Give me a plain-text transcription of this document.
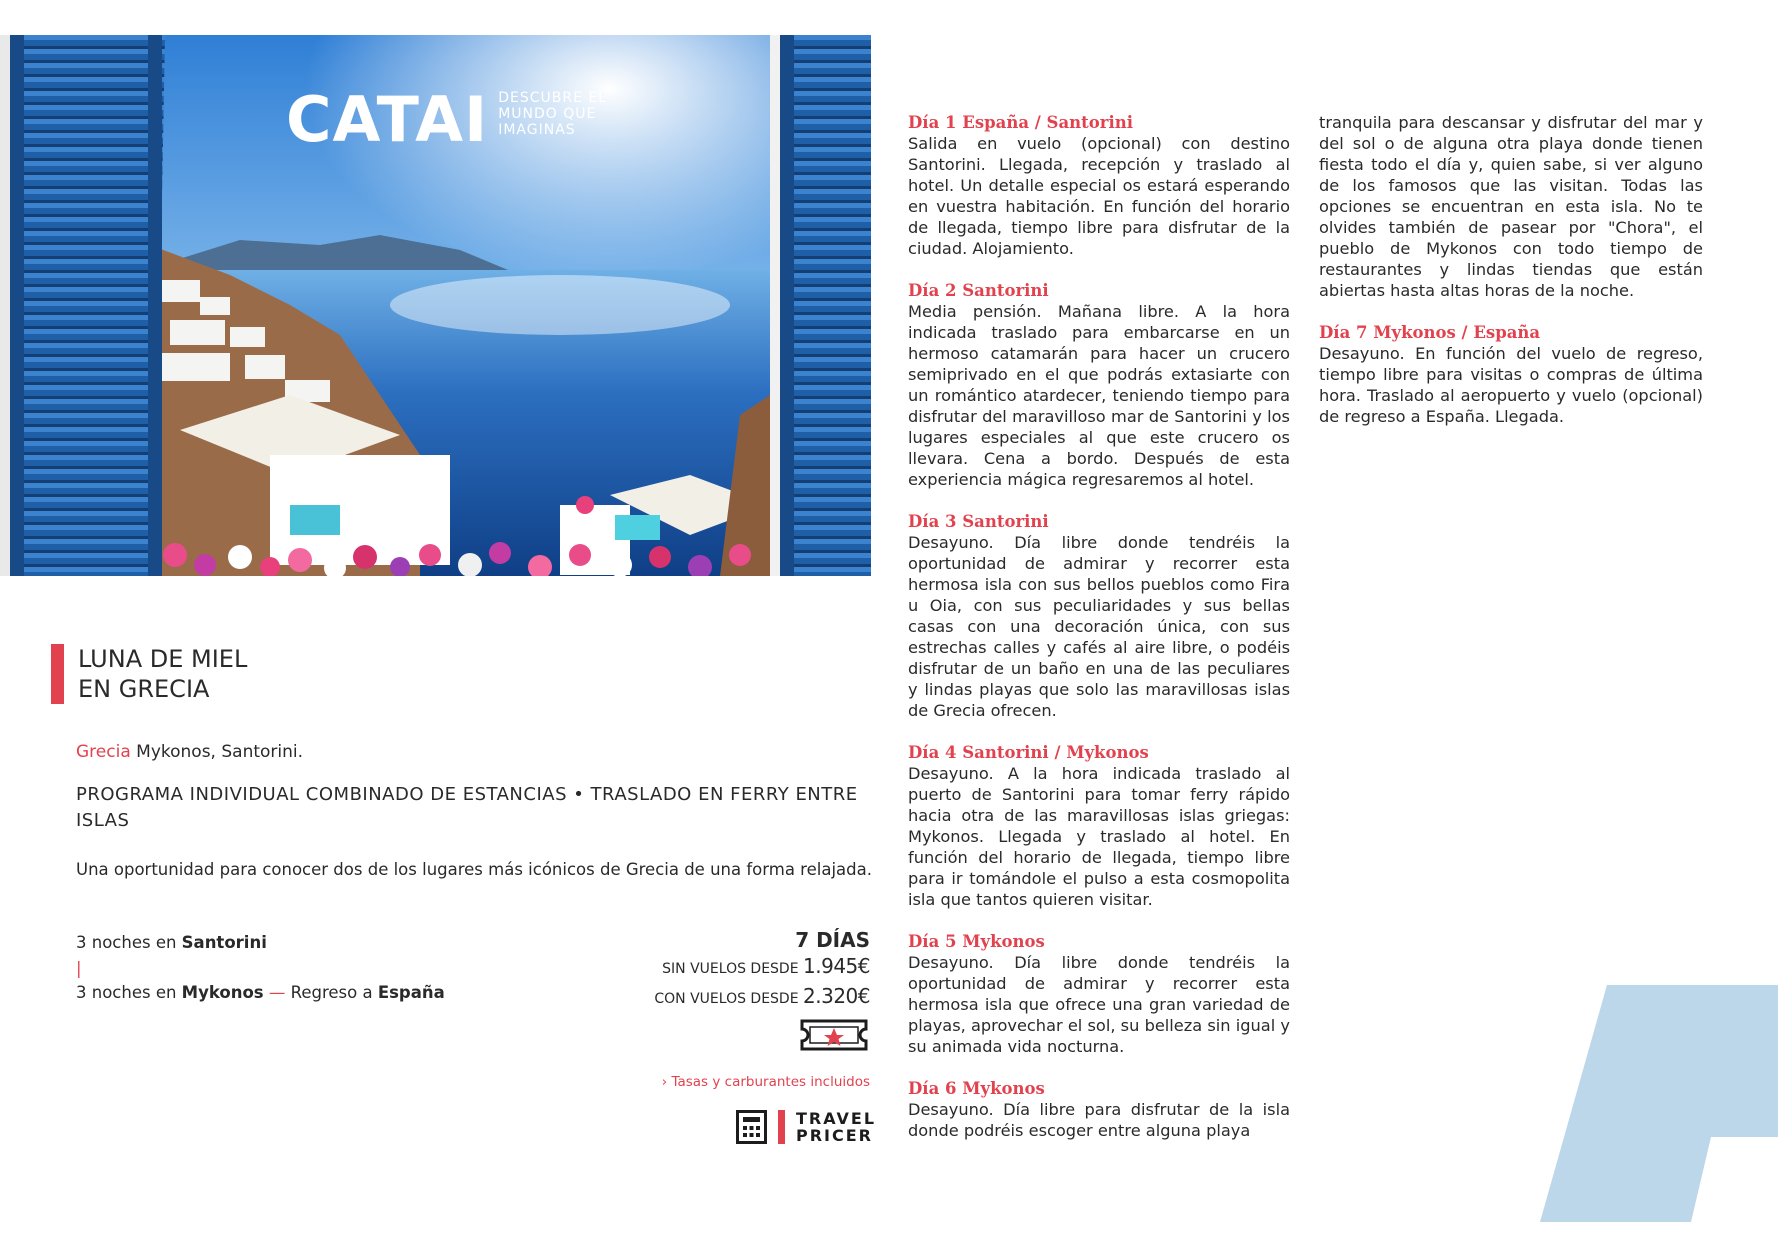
CATAI DESCUBRE EL
MUNDO QUE
IMAGINAS
LUNA DE MIEL
EN GRECIA
Grecia Mykonos, Santorini.
PROGRAMA INDIVIDUAL COMBINADO DE ESTANCIAS • TRASLADO EN FERRY ENTRE ISLAS
Una oportunidad para conocer dos de los lugares más icónicos de Grecia de una forma relajada.
3 noches en Santorini
|
3 noches en Mykonos — Regreso a España
7 DÍAS
SIN VUELOS DESDE 1.945€
CON VUELOS DESDE 2.320€
› Tasas y carburantes incluidos
TRAVEL
PRICER
Día 1 España / Santorini

Salida en vuelo (opcional) con destino Santorini. Llegada, recepción y traslado al hotel. Un detalle especial os estará esperando en vuestra habitación. En función del horario de llegada, tiempo libre para disfrutar de la ciudad. Alojamiento.

Día 2 Santorini

Media pensión. Mañana libre. A la hora indicada traslado para embarcarse en un hermoso catamarán para hacer un crucero semiprivado en el que podrás extasiarte con un romántico atardecer, teniendo tiempo para disfrutar del maravilloso mar de Santorini y los lugares especiales al que este crucero os llevara. Cena a bordo. Después de esta experiencia mágica regresaremos al hotel.

Día 3 Santorini

Desayuno. Día libre donde tendréis la oportunidad de admirar y recorrer esta hermosa isla con sus bellos pueblos como Fira u Oia, con sus peculiaridades y sus bellas casas con una decoración única, con sus estrechas calles y cafés al aire libre, o podéis disfrutar de un baño en una de las peculiares y lindas playas que solo las maravillosas islas de Grecia ofrecen.

Día 4 Santorini / Mykonos

Desayuno. A la hora indicada traslado al puerto de Santorini para tomar ferry rápido hacia otra de las maravillosas islas griegas: Mykonos. Llegada y traslado al hotel. En función del horario de llegada, tiempo libre para ir tomándole el pulso a esta cosmopolita isla que tantos quieren visitar.

Día 5 Mykonos

Desayuno. Día libre donde tendréis la oportunidad de admirar y recorrer esta hermosa isla que ofrece una gran variedad de playas, aprovechar el sol, su belleza sin igual y su animada vida nocturna.

Día 6 Mykonos

Desayuno. Día libre para disfrutar de la isla donde podréis escoger entre alguna playa

tranquila para descansar y disfrutar del mar y del sol o de alguna otra playa donde tienen fiesta todo el día y, quien sabe, si ver alguno de los famosos que las visitan. Todas las opciones se encuentran en esta isla. No te olvides también de pasear por "Chora", el pueblo de Mykonos con todo tiempo de restaurantes y lindas tiendas que están abiertas hasta altas horas de la noche.

Día 7 Mykonos / España

Desayuno. En función del vuelo de regreso, tiempo libre para visitas o compras de última hora. Traslado al aeropuerto y vuelo (opcional) de regreso a España. Llegada.
